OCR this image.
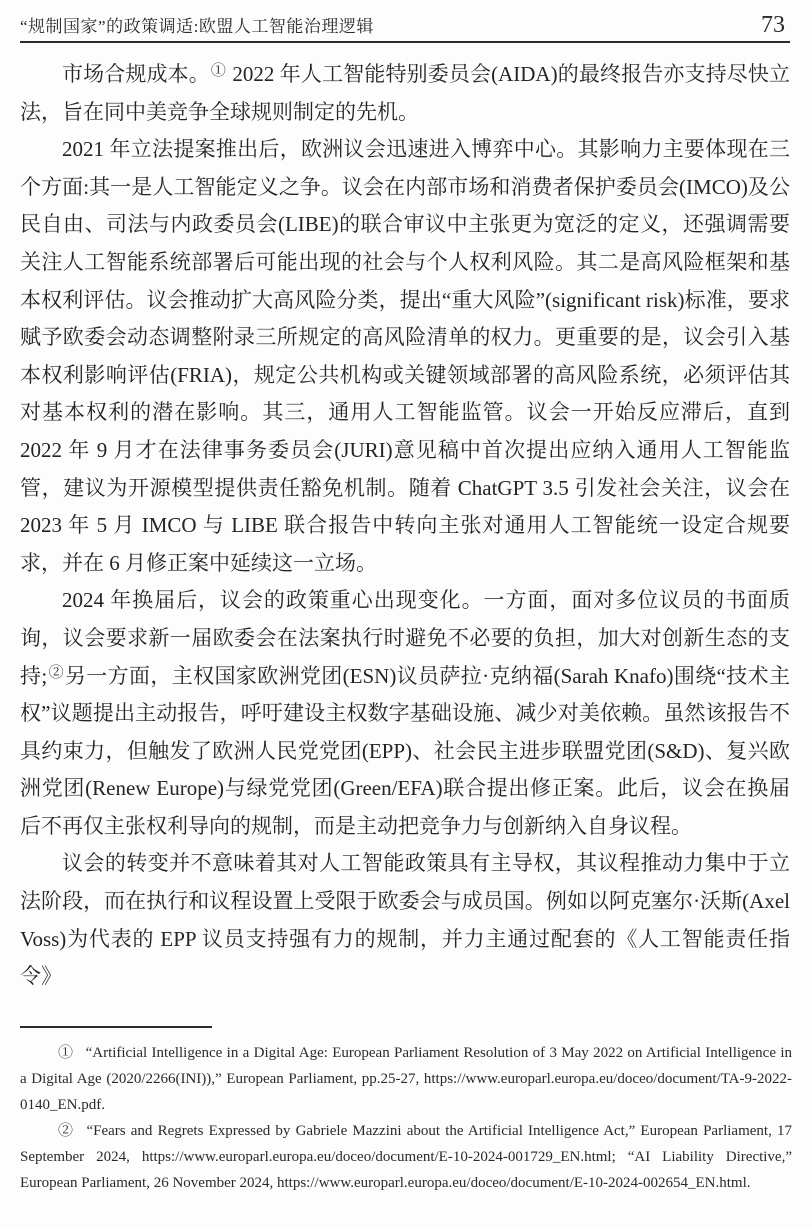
“规制国家”的政策调适:欧盟人工智能治理逻辑	73

市场合规成本。① 2022 年人工智能特别委员会(AIDA)的最终报告亦支持尽快立法，旨在同中美竞争全球规则制定的先机。

2021 年立法提案推出后，欧洲议会迅速进入博弈中心。其影响力主要体现在三个方面:其一是人工智能定义之争。议会在内部市场和消费者保护委员会(IMCO)及公民自由、司法与内政委员会(LIBE)的联合审议中主张更为宽泛的定义，还强调需要关注人工智能系统部署后可能出现的社会与个人权利风险。其二是高风险框架和基本权利评估。议会推动扩大高风险分类，提出“重大风险”(significant risk)标准，要求赋予欧委会动态调整附录三所规定的高风险清单的权力。更重要的是，议会引入基本权利影响评估(FRIA)，规定公共机构或关键领域部署的高风险系统，必须评估其对基本权利的潜在影响。其三，通用人工智能监管。议会一开始反应滞后，直到 2022 年 9 月才在法律事务委员会(JURI)意见稿中首次提出应纳入通用人工智能监管，建议为开源模型提供责任豁免机制。随着 ChatGPT 3.5 引发社会关注，议会在 2023 年 5 月 IMCO 与 LIBE 联合报告中转向主张对通用人工智能统一设定合规要求，并在 6 月修正案中延续这一立场。

2024 年换届后，议会的政策重心出现变化。一方面，面对多位议员的书面质询，议会要求新一届欧委会在法案执行时避免不必要的负担，加大对创新生态的支持;②另一方面，主权国家欧洲党团(ESN)议员萨拉·克纳福(Sarah Knafo)围绕“技术主权”议题提出主动报告，呼吁建设主权数字基础设施、减少对美依赖。虽然该报告不具约束力，但触发了欧洲人民党党团(EPP)、社会民主进步联盟党团(S&D)、复兴欧洲党团(Renew Europe)与绿党党团(Green/EFA)联合提出修正案。此后，议会在换届后不再仅主张权利导向的规制，而是主动把竞争力与创新纳入自身议程。

议会的转变并不意味着其对人工智能政策具有主导权，其议程推动力集中于立法阶段，而在执行和议程设置上受限于欧委会与成员国。例如以阿克塞尔·沃斯(Axel Voss)为代表的 EPP 议员支持强有力的规制，并力主通过配套的《人工智能责任指令》

① “Artificial Intelligence in a Digital Age: European Parliament Resolution of 3 May 2022 on Artificial Intelligence in a Digital Age (2020/2266(INI)),” European Parliament, pp.25-27, https://www.europarl.europa.eu/doceo/document/TA-9-2022-0140_EN.pdf.

② “Fears and Regrets Expressed by Gabriele Mazzini about the Artificial Intelligence Act,” European Parliament, 17 September 2024, https://www.europarl.europa.eu/doceo/document/E-10-2024-001729_EN.html; “AI Liability Directive,” European Parliament, 26 November 2024, https://www.europarl.europa.eu/doceo/document/E-10-2024-002654_EN.html.
